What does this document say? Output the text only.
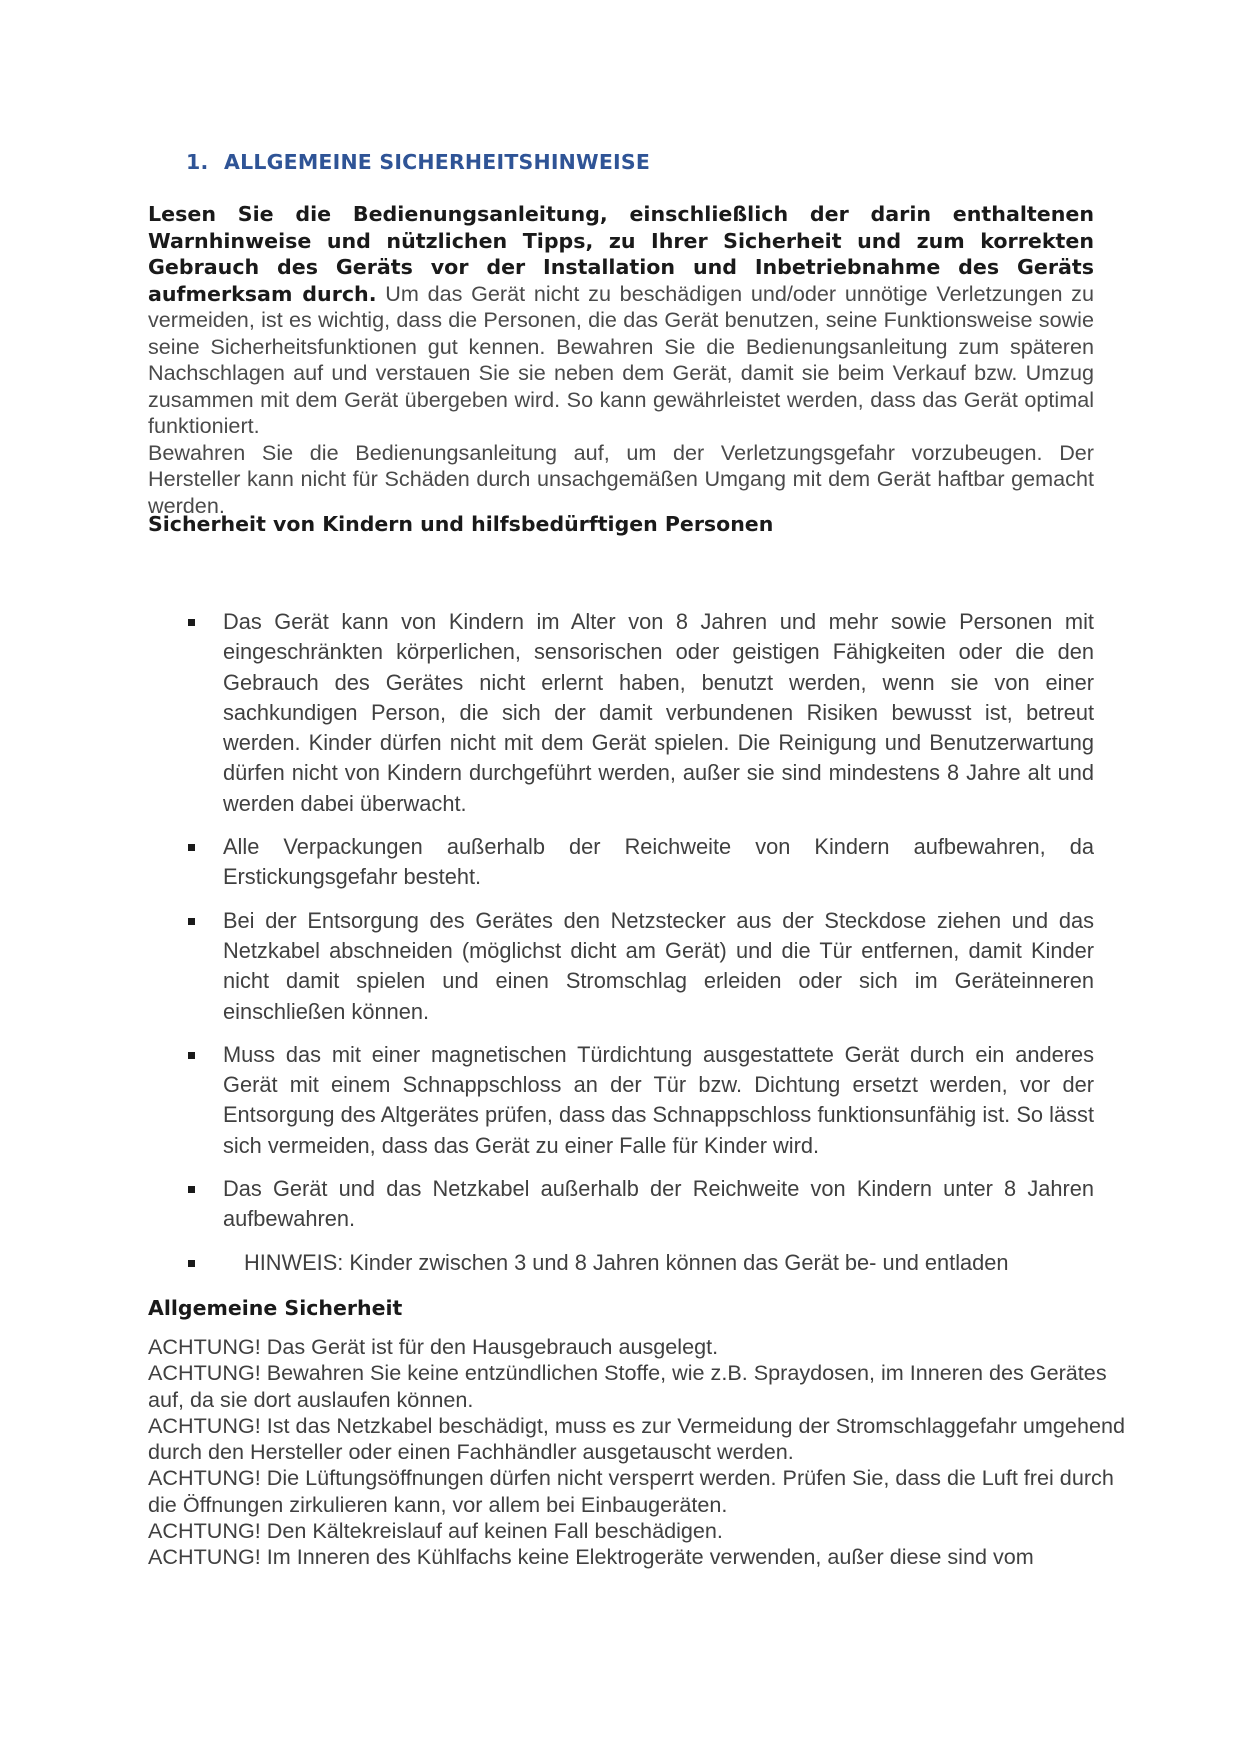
1. ALLGEMEINE SICHERHEITSHINWEISE

Lesen Sie die Bedienungsanleitung, einschließlich der darin enthaltenen Warnhinweise und nützlichen Tipps, zu Ihrer Sicherheit und zum korrekten Gebrauch des Geräts vor der Installation und Inbetriebnahme des Geräts aufmerksam durch. Um das Gerät nicht zu beschädigen und/oder unnötige Verletzungen zu vermeiden, ist es wichtig, dass die Personen, die das Gerät benutzen, seine Funktionsweise sowie seine Sicherheitsfunktionen gut kennen. Bewahren Sie die Bedienungsanleitung zum späteren Nachschlagen auf und verstauen Sie sie neben dem Gerät, damit sie beim Verkauf bzw. Umzug zusammen mit dem Gerät übergeben wird. So kann gewährleistet werden, dass das Gerät optimal funktioniert.

Bewahren Sie die Bedienungsanleitung auf, um der Verletzungsgefahr vorzubeugen. Der Hersteller kann nicht für Schäden durch unsachgemäßen Umgang mit dem Gerät haftbar gemacht werden.

Sicherheit von Kindern und hilfsbedürftigen Personen
Das Gerät kann von Kindern im Alter von 8 Jahren und mehr sowie Personen mit eingeschränkten körperlichen, sensorischen oder geistigen Fähigkeiten oder die den Gebrauch des Gerätes nicht erlernt haben, benutzt werden, wenn sie von einer sachkundigen Person, die sich der damit verbundenen Risiken bewusst ist, betreut werden. Kinder dürfen nicht mit dem Gerät spielen. Die Reinigung und Benutzerwartung dürfen nicht von Kindern durchgeführt werden, außer sie sind mindestens 8 Jahre alt und werden dabei überwacht.
Alle Verpackungen außerhalb der Reichweite von Kindern aufbewahren, da Erstickungsgefahr besteht.
Bei der Entsorgung des Gerätes den Netzstecker aus der Steckdose ziehen und das Netzkabel abschneiden (möglichst dicht am Gerät) und die Tür entfernen, damit Kinder nicht damit spielen und einen Stromschlag erleiden oder sich im Geräteinneren einschließen können.
Muss das mit einer magnetischen Türdichtung ausgestattete Gerät durch ein anderes Gerät mit einem Schnappschloss an der Tür bzw. Dichtung ersetzt werden, vor der Entsorgung des Altgerätes prüfen, dass das Schnappschloss funktionsunfähig ist. So lässt sich vermeiden, dass das Gerät zu einer Falle für Kinder wird.
Das Gerät und das Netzkabel außerhalb der Reichweite von Kindern unter 8 Jahren aufbewahren.
HINWEIS: Kinder zwischen 3 und 8 Jahren können das Gerät be- und entladen
Allgemeine Sicherheit

ACHTUNG! Das Gerät ist für den Hausgebrauch ausgelegt.

ACHTUNG! Bewahren Sie keine entzündlichen Stoffe, wie z.B. Spraydosen, im Inneren des Gerätes auf, da sie dort auslaufen können.

ACHTUNG! Ist das Netzkabel beschädigt, muss es zur Vermeidung der Stromschlaggefahr umgehend durch den Hersteller oder einen Fachhändler ausgetauscht werden.

ACHTUNG! Die Lüftungsöffnungen dürfen nicht versperrt werden. Prüfen Sie, dass die Luft frei durch die Öffnungen zirkulieren kann, vor allem bei Einbaugeräten.

ACHTUNG! Den Kältekreislauf auf keinen Fall beschädigen.

ACHTUNG! Im Inneren des Kühlfachs keine Elektrogeräte verwenden, außer diese sind vom
